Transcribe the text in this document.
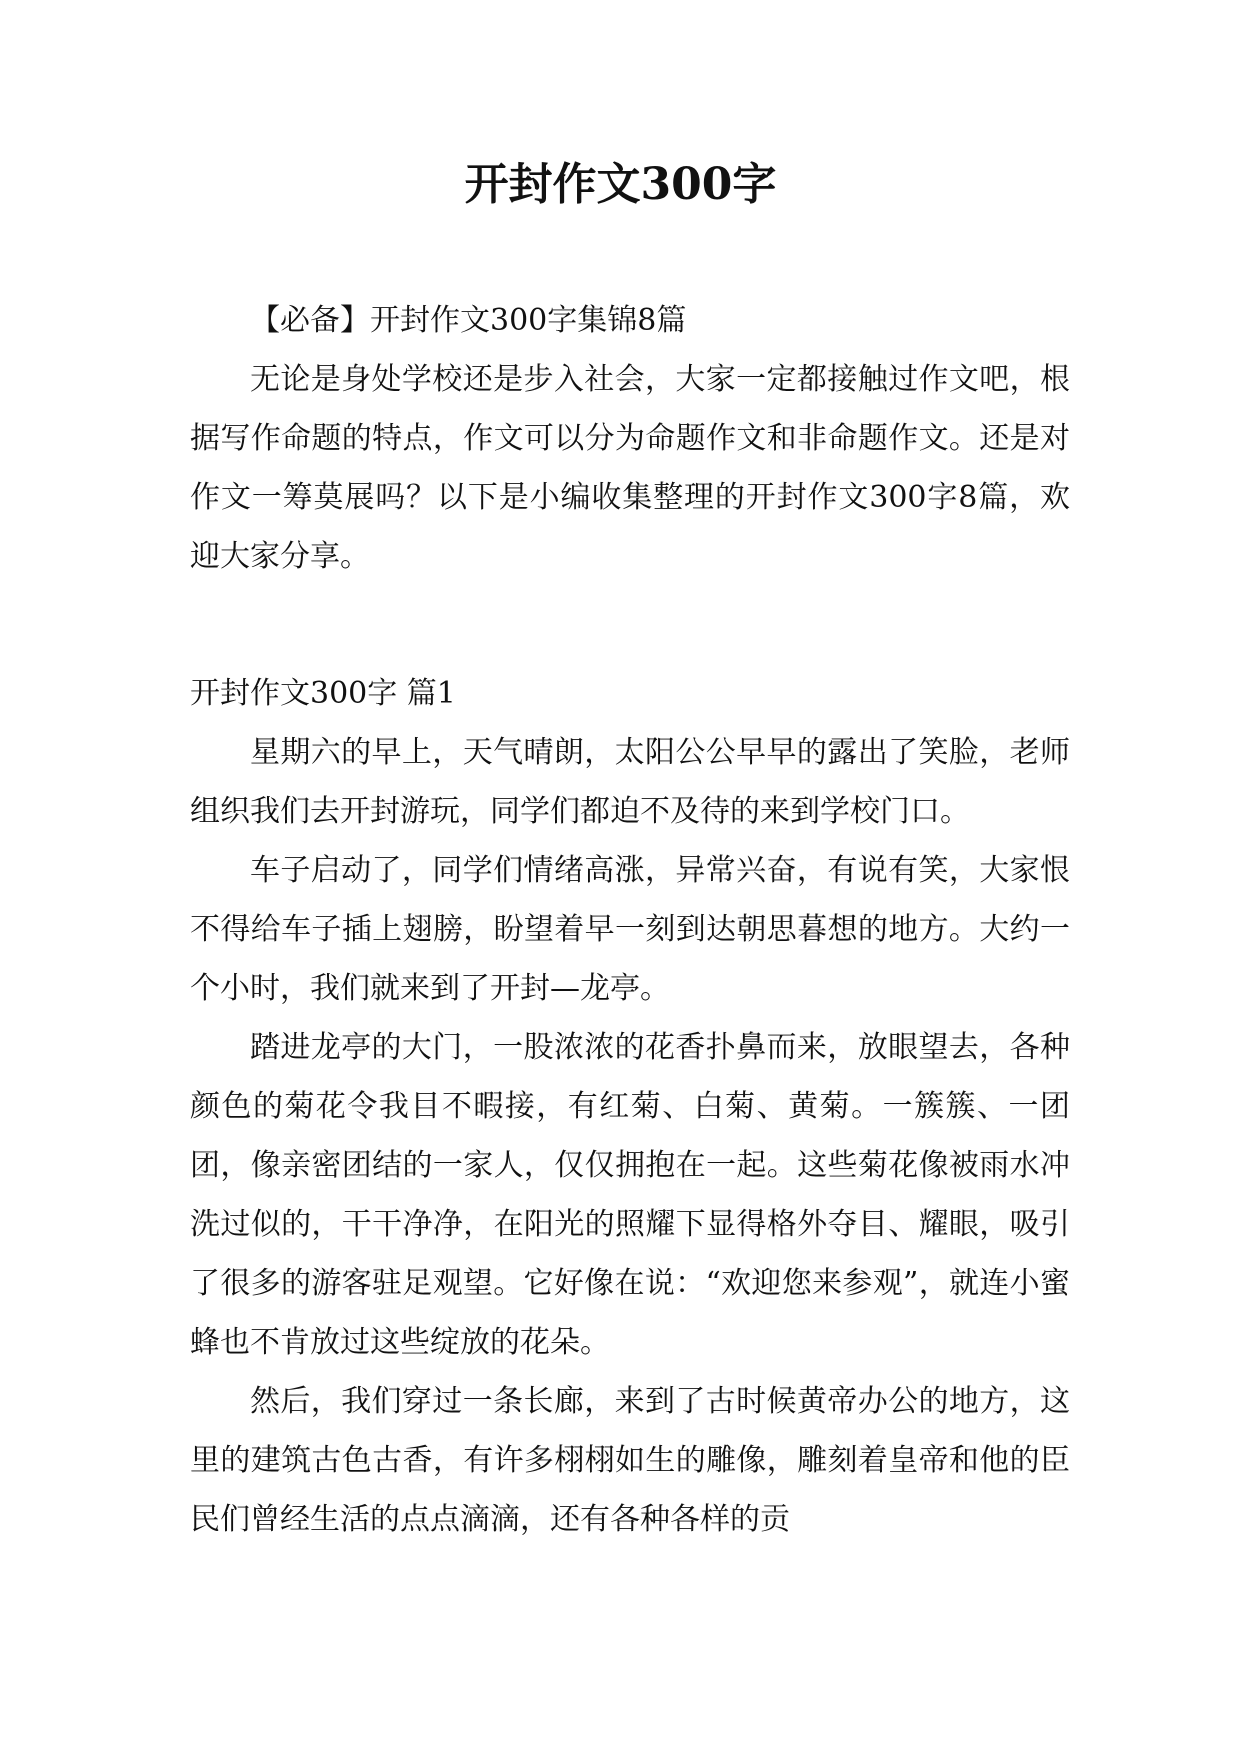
开封作文300字

【必备】开封作文300字集锦8篇

无论是身处学校还是步入社会，大家一定都接触过作文吧，根据写作命题的特点，作文可以分为命题作文和非命题作文。还是对作文一筹莫展吗？以下是小编收集整理的开封作文300字8篇，欢迎大家分享。

开封作文300字 篇1

星期六的早上，天气晴朗，太阳公公早早的露出了笑脸，老师组织我们去开封游玩，同学们都迫不及待的来到学校门口。

车子启动了，同学们情绪高涨，异常兴奋，有说有笑，大家恨不得给车子插上翅膀，盼望着早一刻到达朝思暮想的地方。大约一个小时，我们就来到了开封—龙亭。

踏进龙亭的大门，一股浓浓的花香扑鼻而来，放眼望去，各种颜色的菊花令我目不暇接，有红菊、白菊、黄菊。一簇簇、一团团，像亲密团结的一家人，仅仅拥抱在一起。这些菊花像被雨水冲洗过似的，干干净净，在阳光的照耀下显得格外夺目、耀眼，吸引了很多的游客驻足观望。它好像在说：“欢迎您来参观”，就连小蜜蜂也不肯放过这些绽放的花朵。

然后，我们穿过一条长廊，来到了古时候黄帝办公的地方，这里的建筑古色古香，有许多栩栩如生的雕像，雕刻着皇帝和他的臣民们曾经生活的点点滴滴，还有各种各样的贡
